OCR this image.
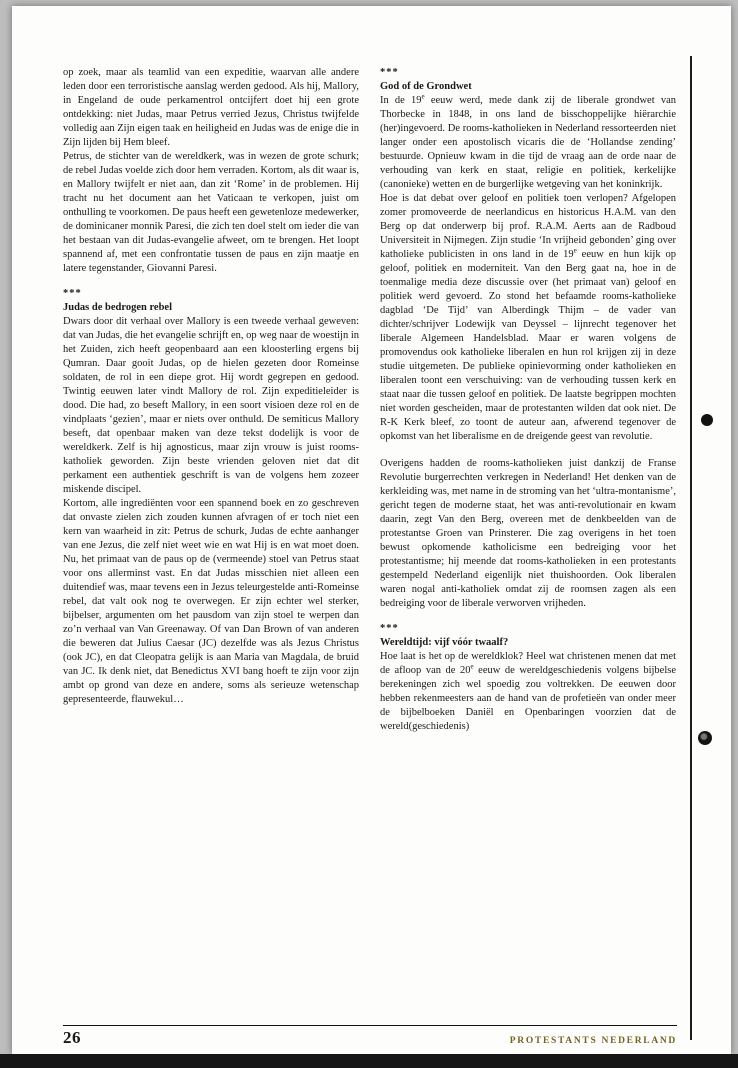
op zoek, maar als teamlid van een expeditie, waarvan alle andere leden door een terroristische aanslag werden gedood. Als hij, Mallory, in Engeland de oude perkamentrol ontcijfert doet hij een grote ontdekking: niet Judas, maar Petrus verried Jezus, Christus twijfelde volledig aan Zijn eigen taak en heiligheid en Judas was de enige die in Zijn lijden bij Hem bleef.

Petrus, de stichter van de wereldkerk, was in wezen de grote schurk; de rebel Judas voelde zich door hem verraden. Kortom, als dit waar is, en Mallory twijfelt er niet aan, dan zit ‘Rome’ in de problemen. Hij tracht nu het document aan het Vaticaan te verkopen, juist om onthulling te voorkomen. De paus heeft een gewetenloze medewerker, de dominicaner monnik Paresi, die zich ten doel stelt om ieder die van het bestaan van dit Judas-evangelie afweet, om te brengen. Het loopt spannend af, met een confrontatie tussen de paus en zijn maatje en latere tegenstander, Giovanni Paresi.

***
Judas de bedrogen rebel

Dwars door dit verhaal over Mallory is een tweede verhaal geweven: dat van Judas, die het evangelie schrijft en, op weg naar de woestijn in het Zuiden, zich heeft geopenbaard aan een kloosterling ergens bij Qumran. Daar gooit Judas, op de hielen gezeten door Romeinse soldaten, de rol in een diepe grot. Hij wordt gegrepen en gedood. Twintig eeuwen later vindt Mallory de rol. Zijn expeditieleider is dood. Die had, zo beseft Mallory, in een soort visioen deze rol en de vindplaats ‘gezien’, maar er niets over onthuld. De semiticus Mallory beseft, dat openbaar maken van deze tekst dodelijk is voor de wereldkerk. Zelf is hij agnosticus, maar zijn vrouw is juist rooms-katholiek geworden. Zijn beste vrienden geloven niet dat dit perkament een authentiek geschrift is van de volgens hem zozeer miskende discipel.

Kortom, alle ingrediënten voor een spannend boek en zo geschreven dat onvaste zielen zich zouden kunnen afvragen of er toch niet een kern van waarheid in zit: Petrus de schurk, Judas de echte aanhanger van ene Jezus, die zelf niet weet wie en wat Hij is en wat moet doen. Nu, het primaat van de paus op de (vermeende) stoel van Petrus staat voor ons allerminst vast. En dat Judas misschien niet alleen een duitendief was, maar tevens een in Jezus teleurgestelde anti-Romeinse rebel, dat valt ook nog te overwegen. Er zijn echter wel sterker, bijbelser, argumenten om het pausdom van zijn stoel te werpen dan zo’n verhaal van Van Greenaway. Of van Dan Brown of van anderen die beweren dat Julius Caesar (JC) dezelfde was als Jezus Christus (ook JC), en dat Cleopatra gelijk is aan Maria van Magdala, de bruid van JC. Ik denk niet, dat Benedictus XVI bang hoeft te zijn voor zijn ambt op grond van deze en andere, soms als serieuze wetenschap gepresenteerde, flauwekul…

***
God of de Grondwet

In de 19e eeuw werd, mede dank zij de liberale grondwet van Thorbecke in 1848, in ons land de bisschoppelijke hiërarchie (her)ingevoerd. De rooms-katholieken in Nederland ressorteerden niet langer onder een apostolisch vicaris die de ‘Hollandse zending’ bestuurde. Opnieuw kwam in die tijd de vraag aan de orde naar de verhouding van kerk en staat, religie en politiek, kerkelijke (canonieke) wetten en de burgerlijke wetgeving van het koninkrijk.

Hoe is dat debat over geloof en politiek toen verlopen? Afgelopen zomer promoveerde de neerlandicus en historicus H.A.M. van den Berg op dat onderwerp bij prof. R.A.M. Aerts aan de Radboud Universiteit in Nijmegen. Zijn studie ‘In vrijheid gebonden’ ging over katholieke publicisten in ons land in de 19e eeuw en hun kijk op geloof, politiek en moderniteit. Van den Berg gaat na, hoe in de toenmalige media deze discussie over (het primaat van) geloof en politiek werd gevoerd. Zo stond het befaamde rooms-katholieke dagblad ‘De Tijd’ van Alberdingk Thijm – de vader van dichter/schrijver Lodewijk van Deyssel – lijnrecht tegenover het liberale Algemeen Handelsblad. Maar er waren volgens de promovendus ook katholieke liberalen en hun rol krijgen zij in deze studie uitgemeten. De publieke opinievorming onder katholieken en liberalen toont een verschuiving: van de verhouding tussen kerk en staat naar die tussen geloof en politiek. De laatste begrippen mochten niet worden gescheiden, maar de protestanten wilden dat ook niet. De R-K Kerk bleef, zo toont de auteur aan, afwerend tegenover de opkomst van het liberalisme en de dreigende geest van revolutie.

Overigens hadden de rooms-katholieken juist dankzij de Franse Revolutie burgerrechten verkregen in Nederland! Het denken van de kerkleiding was, met name in de stroming van het ‘ultra-montanisme’, gericht tegen de moderne staat, het was anti-revolutionair en kwam daarin, zegt Van den Berg, overeen met de denkbeelden van de protestantse Groen van Prinsterer. Die zag overigens in het toen bewust opkomende katholicisme een bedreiging voor het protestantisme; hij meende dat rooms-katholieken in een protestants gestempeld Nederland eigenlijk niet thuishoorden. Ook liberalen waren nogal anti-katholiek omdat zij de roomsen zagen als een bedreiging voor de liberale verworven vrijheden.

***
Wereldtijd: vijf vóór twaalf?

Hoe laat is het op de wereldklok? Heel wat christenen menen dat met de afloop van de 20e eeuw de wereldgeschiedenis volgens bijbelse berekeningen zich wel spoedig zou voltrekken. De eeuwen door hebben rekenmeesters aan de hand van de profetieën van onder meer de bijbelboeken Daniël en Openbaringen voorzien dat de wereld(geschiedenis)

26	PROTESTANTS NEDERLAND
